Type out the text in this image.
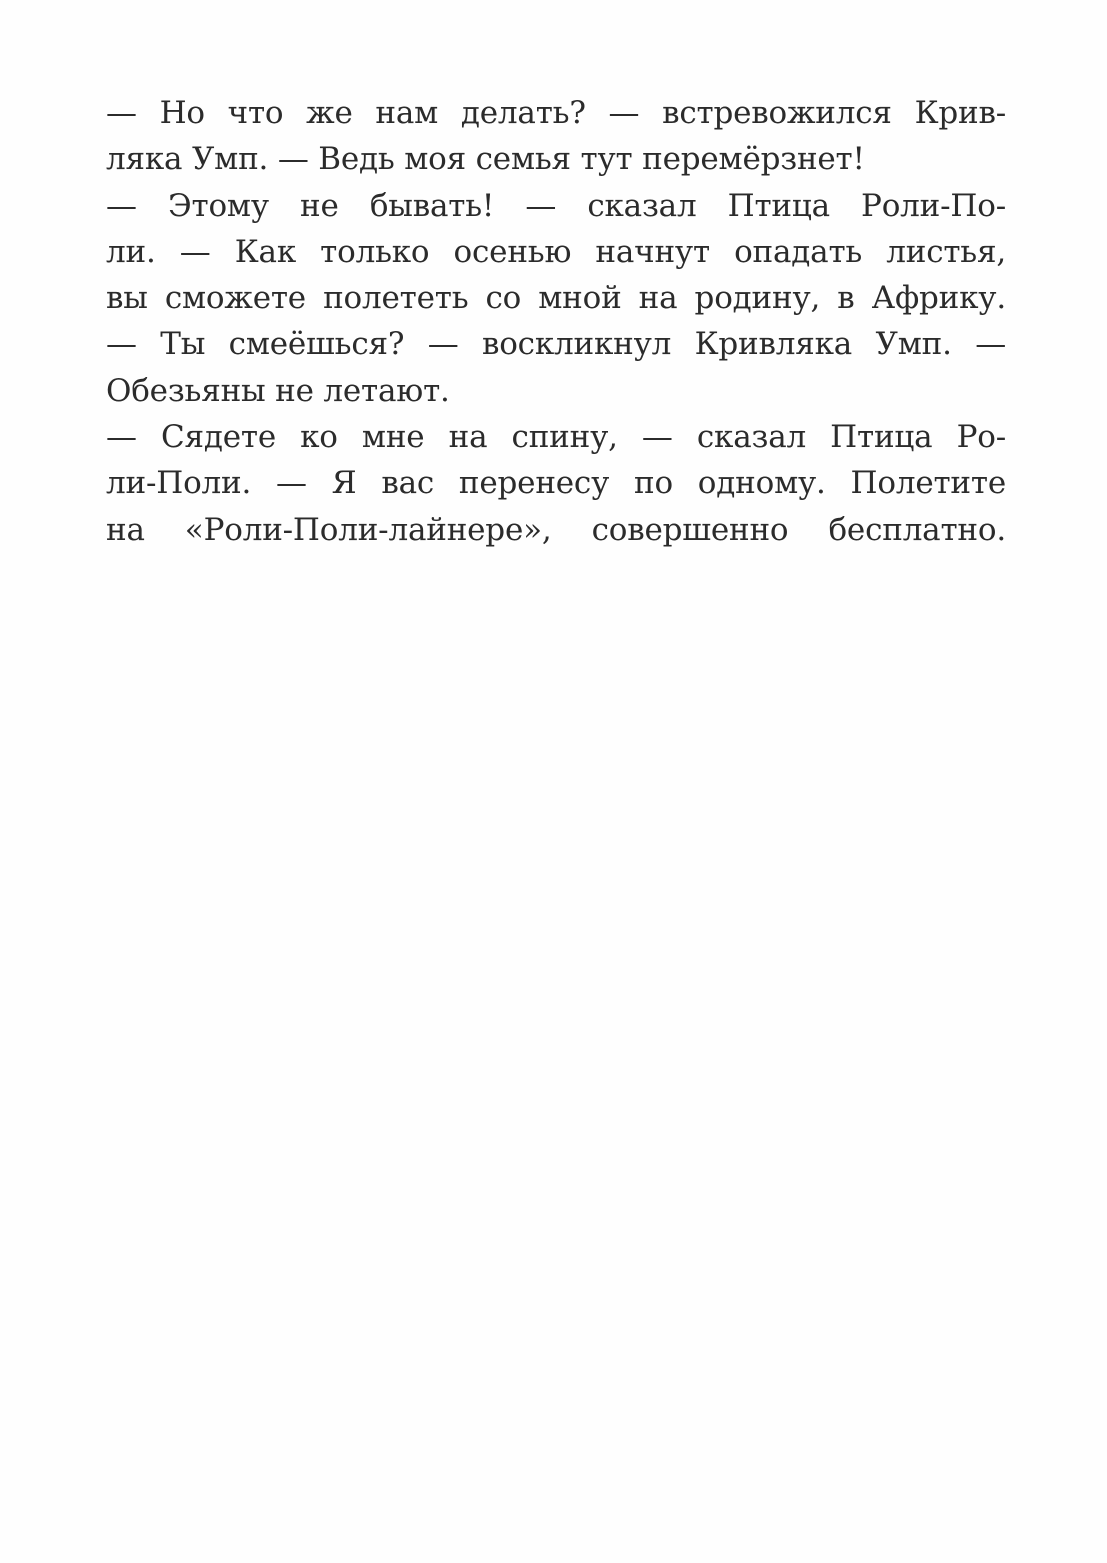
— Но что же нам делать? — встревожился Крив-
ляка Умп. — Ведь моя семья тут перемёрзнет!
— Этому не бывать! — сказал Птица Роли-По-
ли. — Как только осенью начнут опадать листья,
вы сможете полететь со мной на родину, в Африку.
— Ты смеёшься? — воскликнул Кривляка Умп. —
Обезьяны не летают.
— Сядете ко мне на спину, — сказал Птица Ро-
ли-Поли. — Я вас перенесу по одному. Полетите
на «Роли-Поли-лайнере», совершенно бесплатно.
